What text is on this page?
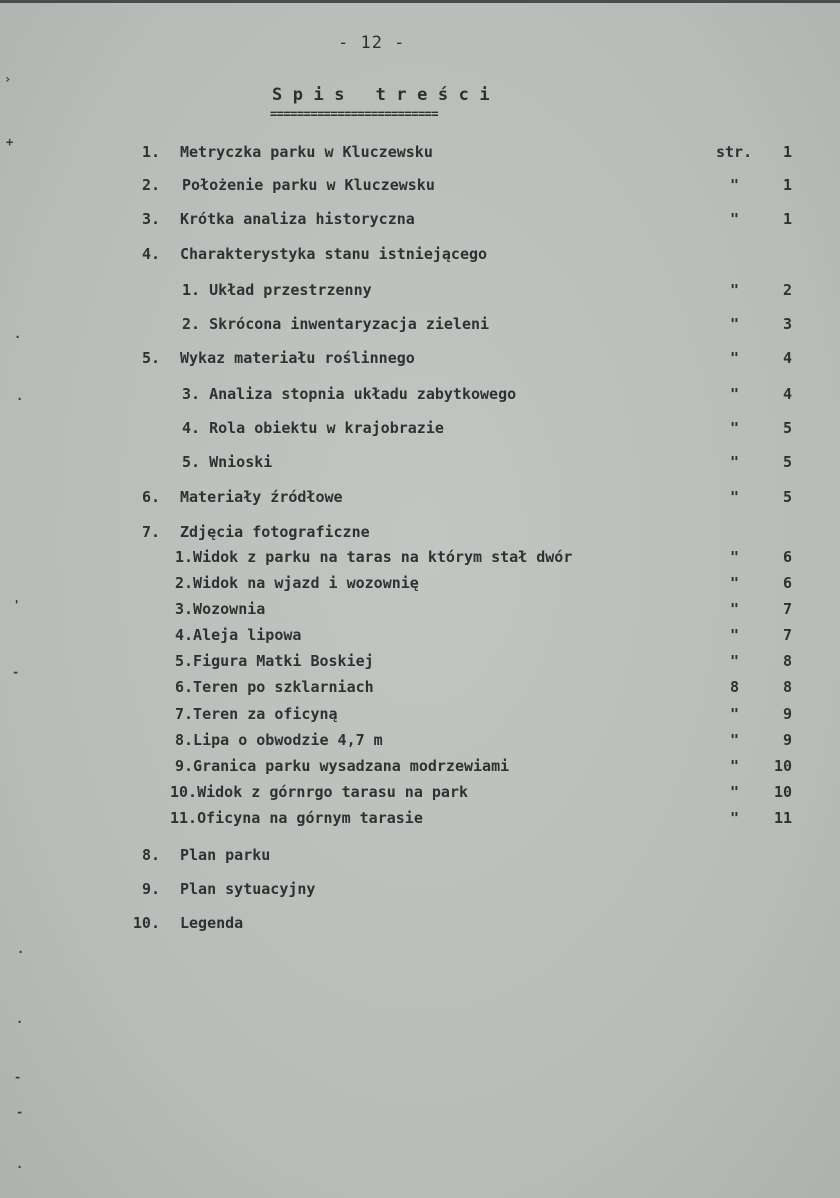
- 12 -
Spis treści
=========================
1. Metryczka parku w Kluczewsku	str. 1
2. Położenie parku w Kluczewsku	"	1
3. Krótka analiza historyczna	"	1
4. Charakterystyka stanu istniejącego
1. Układ przestrzenny	"	2
2. Skrócona inwentaryzacja zieleni	"	3
5. Wykaz materiału roślinnego	"	4
3. Analiza stopnia układu zabytkowego	"	4
4. Rola obiektu w krajobrazie	"	5
5. Wnioski	"	5
6. Materiały źródłowe	"	5
7. Zdjęcia fotograficzne
1.Widok z parku na taras na którym stał dwór	"	6
2.Widok na wjazd i wozownię	"	6
3.Wozownia	"	7
4.Aleja lipowa	"	7
5.Figura Matki Boskiej	"	8
6.Teren po szklarniach	8	8
7.Teren za oficyną	"	9
8.Lipa o obwodzie 4,7 m	"	9
9.Granica parku wysadzana modrzewiami	" 10
10.Widok z górnrgo tarasu na park	" 10
11.Oficyna na górnym tarasie	" 11
8. Plan parku
9. Plan sytuacyjny
10. Legenda
›
+
·
·
'
-
·
·
-
-
·
